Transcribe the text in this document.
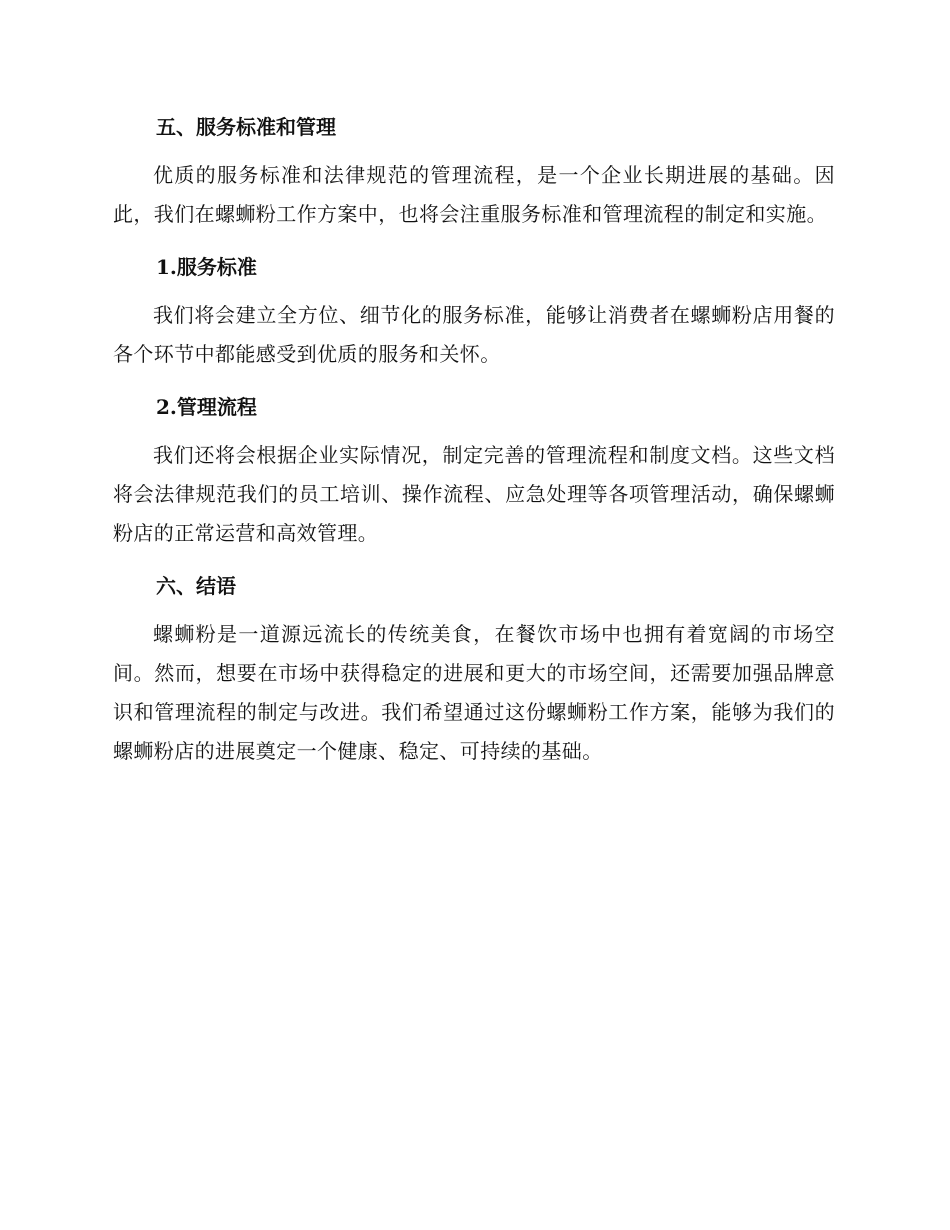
五、服务标准和管理

优质的服务标准和法律规范的管理流程，是一个企业长期进展的基础。因此，我们在螺蛳粉工作方案中，也将会注重服务标准和管理流程的制定和实施。

1.服务标准

我们将会建立全方位、细节化的服务标准，能够让消费者在螺蛳粉店用餐的各个环节中都能感受到优质的服务和关怀。

2.管理流程

我们还将会根据企业实际情况，制定完善的管理流程和制度文档。这些文档将会法律规范我们的员工培训、操作流程、应急处理等各项管理活动，确保螺蛳粉店的正常运营和高效管理。

六、结语

螺蛳粉是一道源远流长的传统美食，在餐饮市场中也拥有着宽阔的市场空间。然而，想要在市场中获得稳定的进展和更大的市场空间，还需要加强品牌意识和管理流程的制定与改进。我们希望通过这份螺蛳粉工作方案，能够为我们的螺蛳粉店的进展奠定一个健康、稳定、可持续的基础。
